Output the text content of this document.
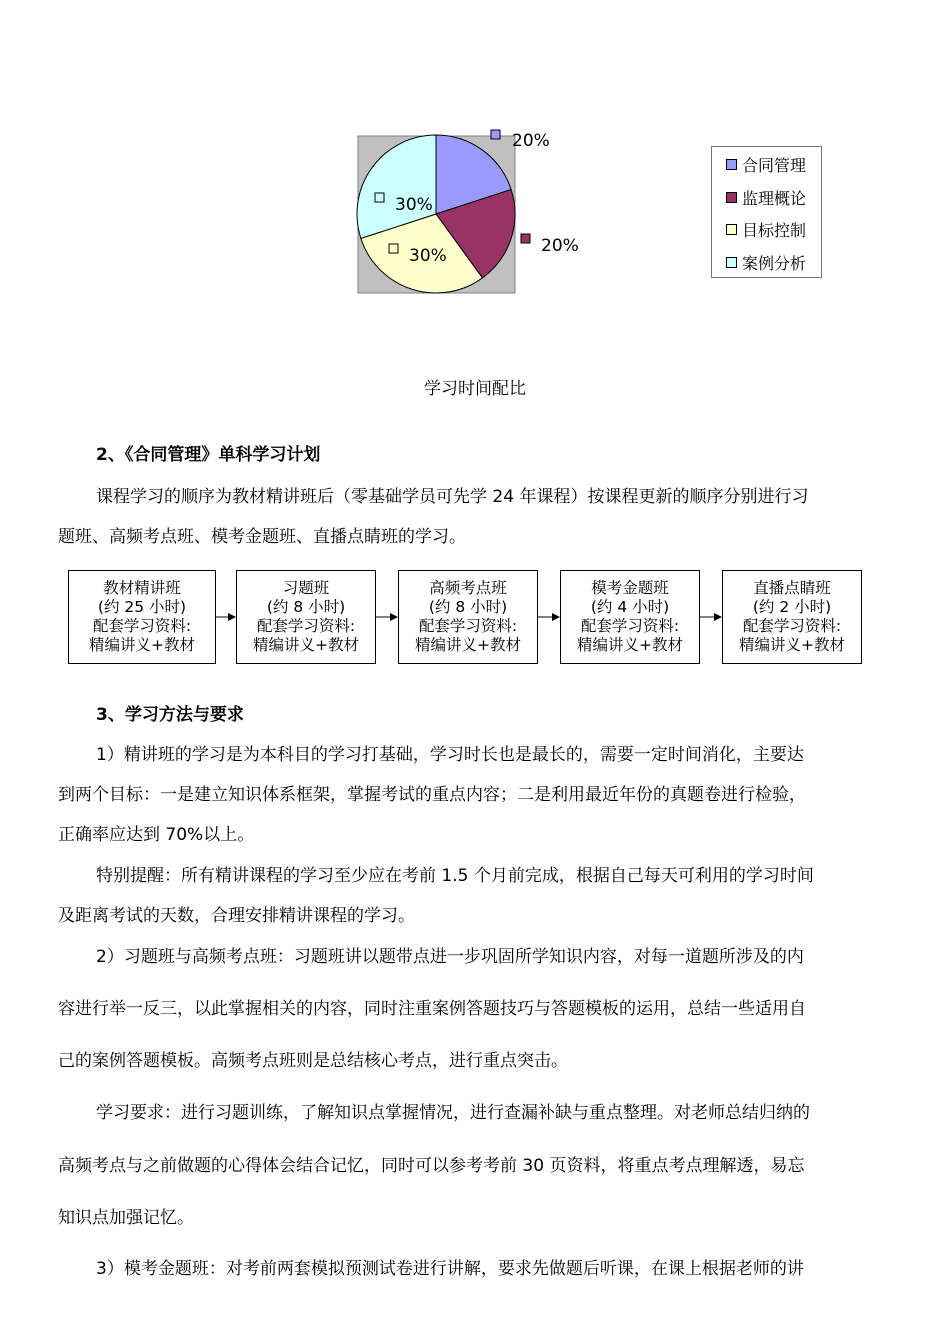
20%
20%
30%
30%
合同管理
监理概论
目标控制
案例分析
学习时间配比
2、《合同管理》单科学习计划
课程学习的顺序为教材精讲班后（零基础学员可先学 24 年课程）按课程更新的顺序分别进行习
题班、高频考点班、模考金题班、直播点睛班的学习。
教材精讲班
(约 25 小时)
配套学习资料:
精编讲义+教材
习题班
(约 8 小时)
配套学习资料:
精编讲义+教材
高频考点班
(约 8 小时)
配套学习资料:
精编讲义+教材
模考金题班
(约 4 小时)
配套学习资料:
精编讲义+教材
直播点睛班
(约 2 小时)
配套学习资料:
精编讲义+教材
3、学习方法与要求
1）精讲班的学习是为本科目的学习打基础，学习时长也是最长的，需要一定时间消化，主要达
到两个目标：一是建立知识体系框架，掌握考试的重点内容；二是利用最近年份的真题卷进行检验，
正确率应达到 70%以上。
特别提醒：所有精讲课程的学习至少应在考前 1.5 个月前完成，根据自己每天可利用的学习时间
及距离考试的天数，合理安排精讲课程的学习。
2）习题班与高频考点班：习题班讲以题带点进一步巩固所学知识内容，对每一道题所涉及的内
容进行举一反三，以此掌握相关的内容，同时注重案例答题技巧与答题模板的运用，总结一些适用自
己的案例答题模板。高频考点班则是总结核心考点，进行重点突击。
学习要求：进行习题训练，了解知识点掌握情况，进行查漏补缺与重点整理。对老师总结归纳的
高频考点与之前做题的心得体会结合记忆，同时可以参考考前 30 页资料，将重点考点理解透，易忘
知识点加强记忆。
3）模考金题班：对考前两套模拟预测试卷进行讲解，要求先做题后听课，在课上根据老师的讲
